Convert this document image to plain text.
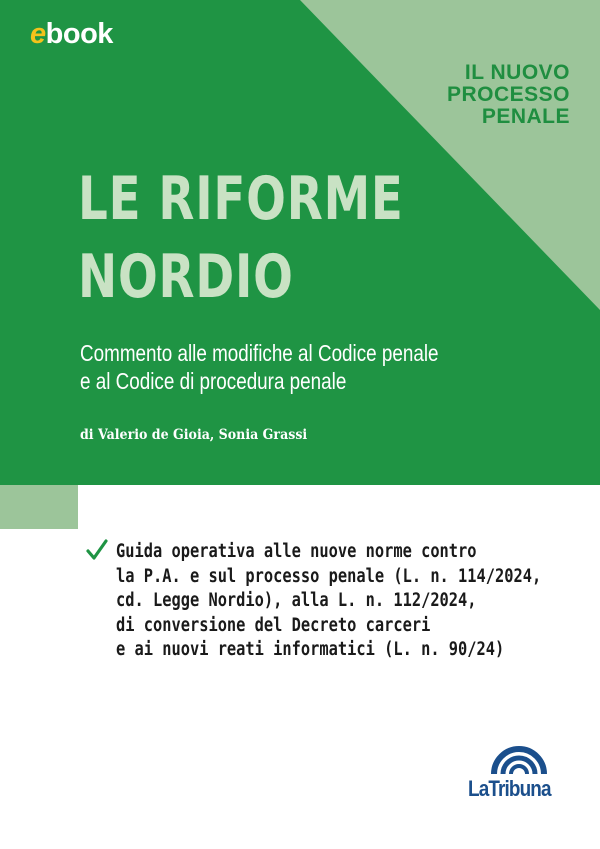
ebook
IL NUOVO
PROCESSO
PENALE
LE RIFORME
NORDIO
Commento alle modifiche al Codice penale
e al Codice di procedura penale
di Valerio de Gioia, Sonia Grassi
Guida operativa alle nuove norme contro
la P.A. e sul processo penale (L. n. 114/2024,
cd. Legge Nordio), alla L. n. 112/2024,
di conversione del Decreto carceri
e ai nuovi reati informatici (L. n. 90/24)
LaTribuna
